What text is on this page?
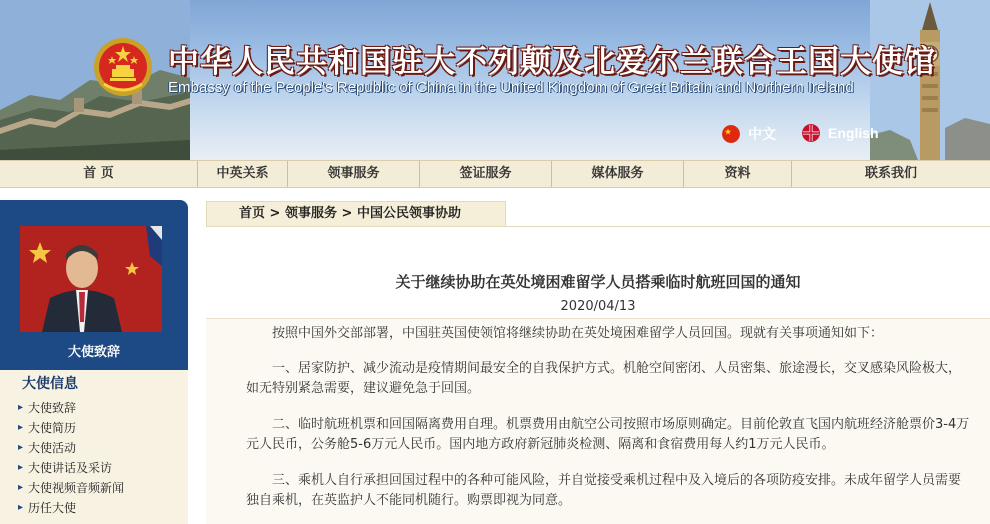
中华人民共和国驻大不列颠及北爱尔兰联合王国大使馆
Embassy of the People's Republic of China in the United Kingdom of Great Britain and Northern Ireland
中文	English
首 页	中英关系	领事服务	签证服务	媒体服务	资料	联系我们
大使致辞
大使信息
▸ 大使致辞
▸ 大使简历
▸ 大使活动
▸ 大使讲话及采访
▸ 大使视频音频新闻
▸ 历任大使
首页 > 领事服务 > 中国公民领事协助
关于继续协助在英处境困难留学人员搭乘临时航班回国的通知
2020/04/13
按照中国外交部部署，中国驻英国使领馆将继续协助在英处境困难留学人员回国。现就有关事项通知如下：
一、居家防护、减少流动是疫情期间最安全的自我保护方式。机舱空间密闭、人员密集、旅途漫长，交叉感染风险极大，如无特别紧急需要，建议避免急于回国。
二、临时航班机票和回国隔离费用自理。机票费用由航空公司按照市场原则确定。目前伦敦直飞国内航班经济舱票价3-4万元人民币，公务舱5-6万元人民币。国内地方政府新冠肺炎检测、隔离和食宿费用每人约1万元人民币。
三、乘机人自行承担回国过程中的各种可能风险，并自觉接受乘机过程中及入境后的各项防疫安排。未成年留学人员需要独自乘机，在英监护人不能同机随行。购票即视为同意。
